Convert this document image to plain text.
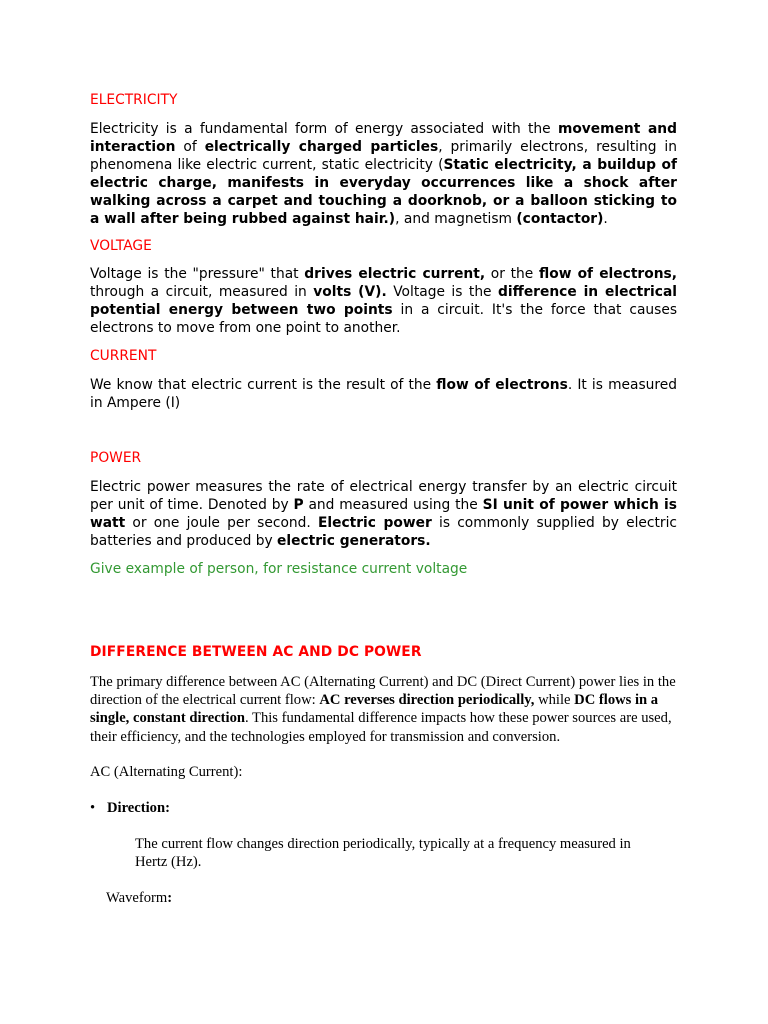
ELECTRICITY

Electricity is a fundamental form of energy associated with the movement and interaction of electrically charged particles, primarily electrons, resulting in phenomena like electric current, static electricity (Static electricity, a buildup of electric charge, manifests in everyday occurrences like a shock after walking across a carpet and touching a doorknob, or a balloon sticking to a wall after being rubbed against hair.), and magnetism (contactor).

VOLTAGE

Voltage is the "pressure" that drives electric current, or the flow of electrons, through a circuit, measured in volts (V). Voltage is the difference in electrical potential energy between two points in a circuit. It's the force that causes electrons to move from one point to another.

CURRENT

We know that electric current is the result of the flow of electrons. It is measured in Ampere (I)

POWER

Electric power measures the rate of electrical energy transfer by an electric circuit per unit of time. Denoted by P and measured using the SI unit of power which is watt or one joule per second. Electric power is commonly supplied by electric batteries and produced by electric generators.

Give example of person, for resistance current voltage

DIFFERENCE BETWEEN AC AND DC POWER

The primary difference between AC (Alternating Current) and DC (Direct Current) power lies in the direction of the electrical current flow: AC reverses direction periodically, while DC flows in a single, constant direction. This fundamental difference impacts how these power sources are used, their efficiency, and the technologies employed for transmission and conversion.

AC (Alternating Current):

• Direction:

The current flow changes direction periodically, typically at a frequency measured in Hertz (Hz).

Waveform:
